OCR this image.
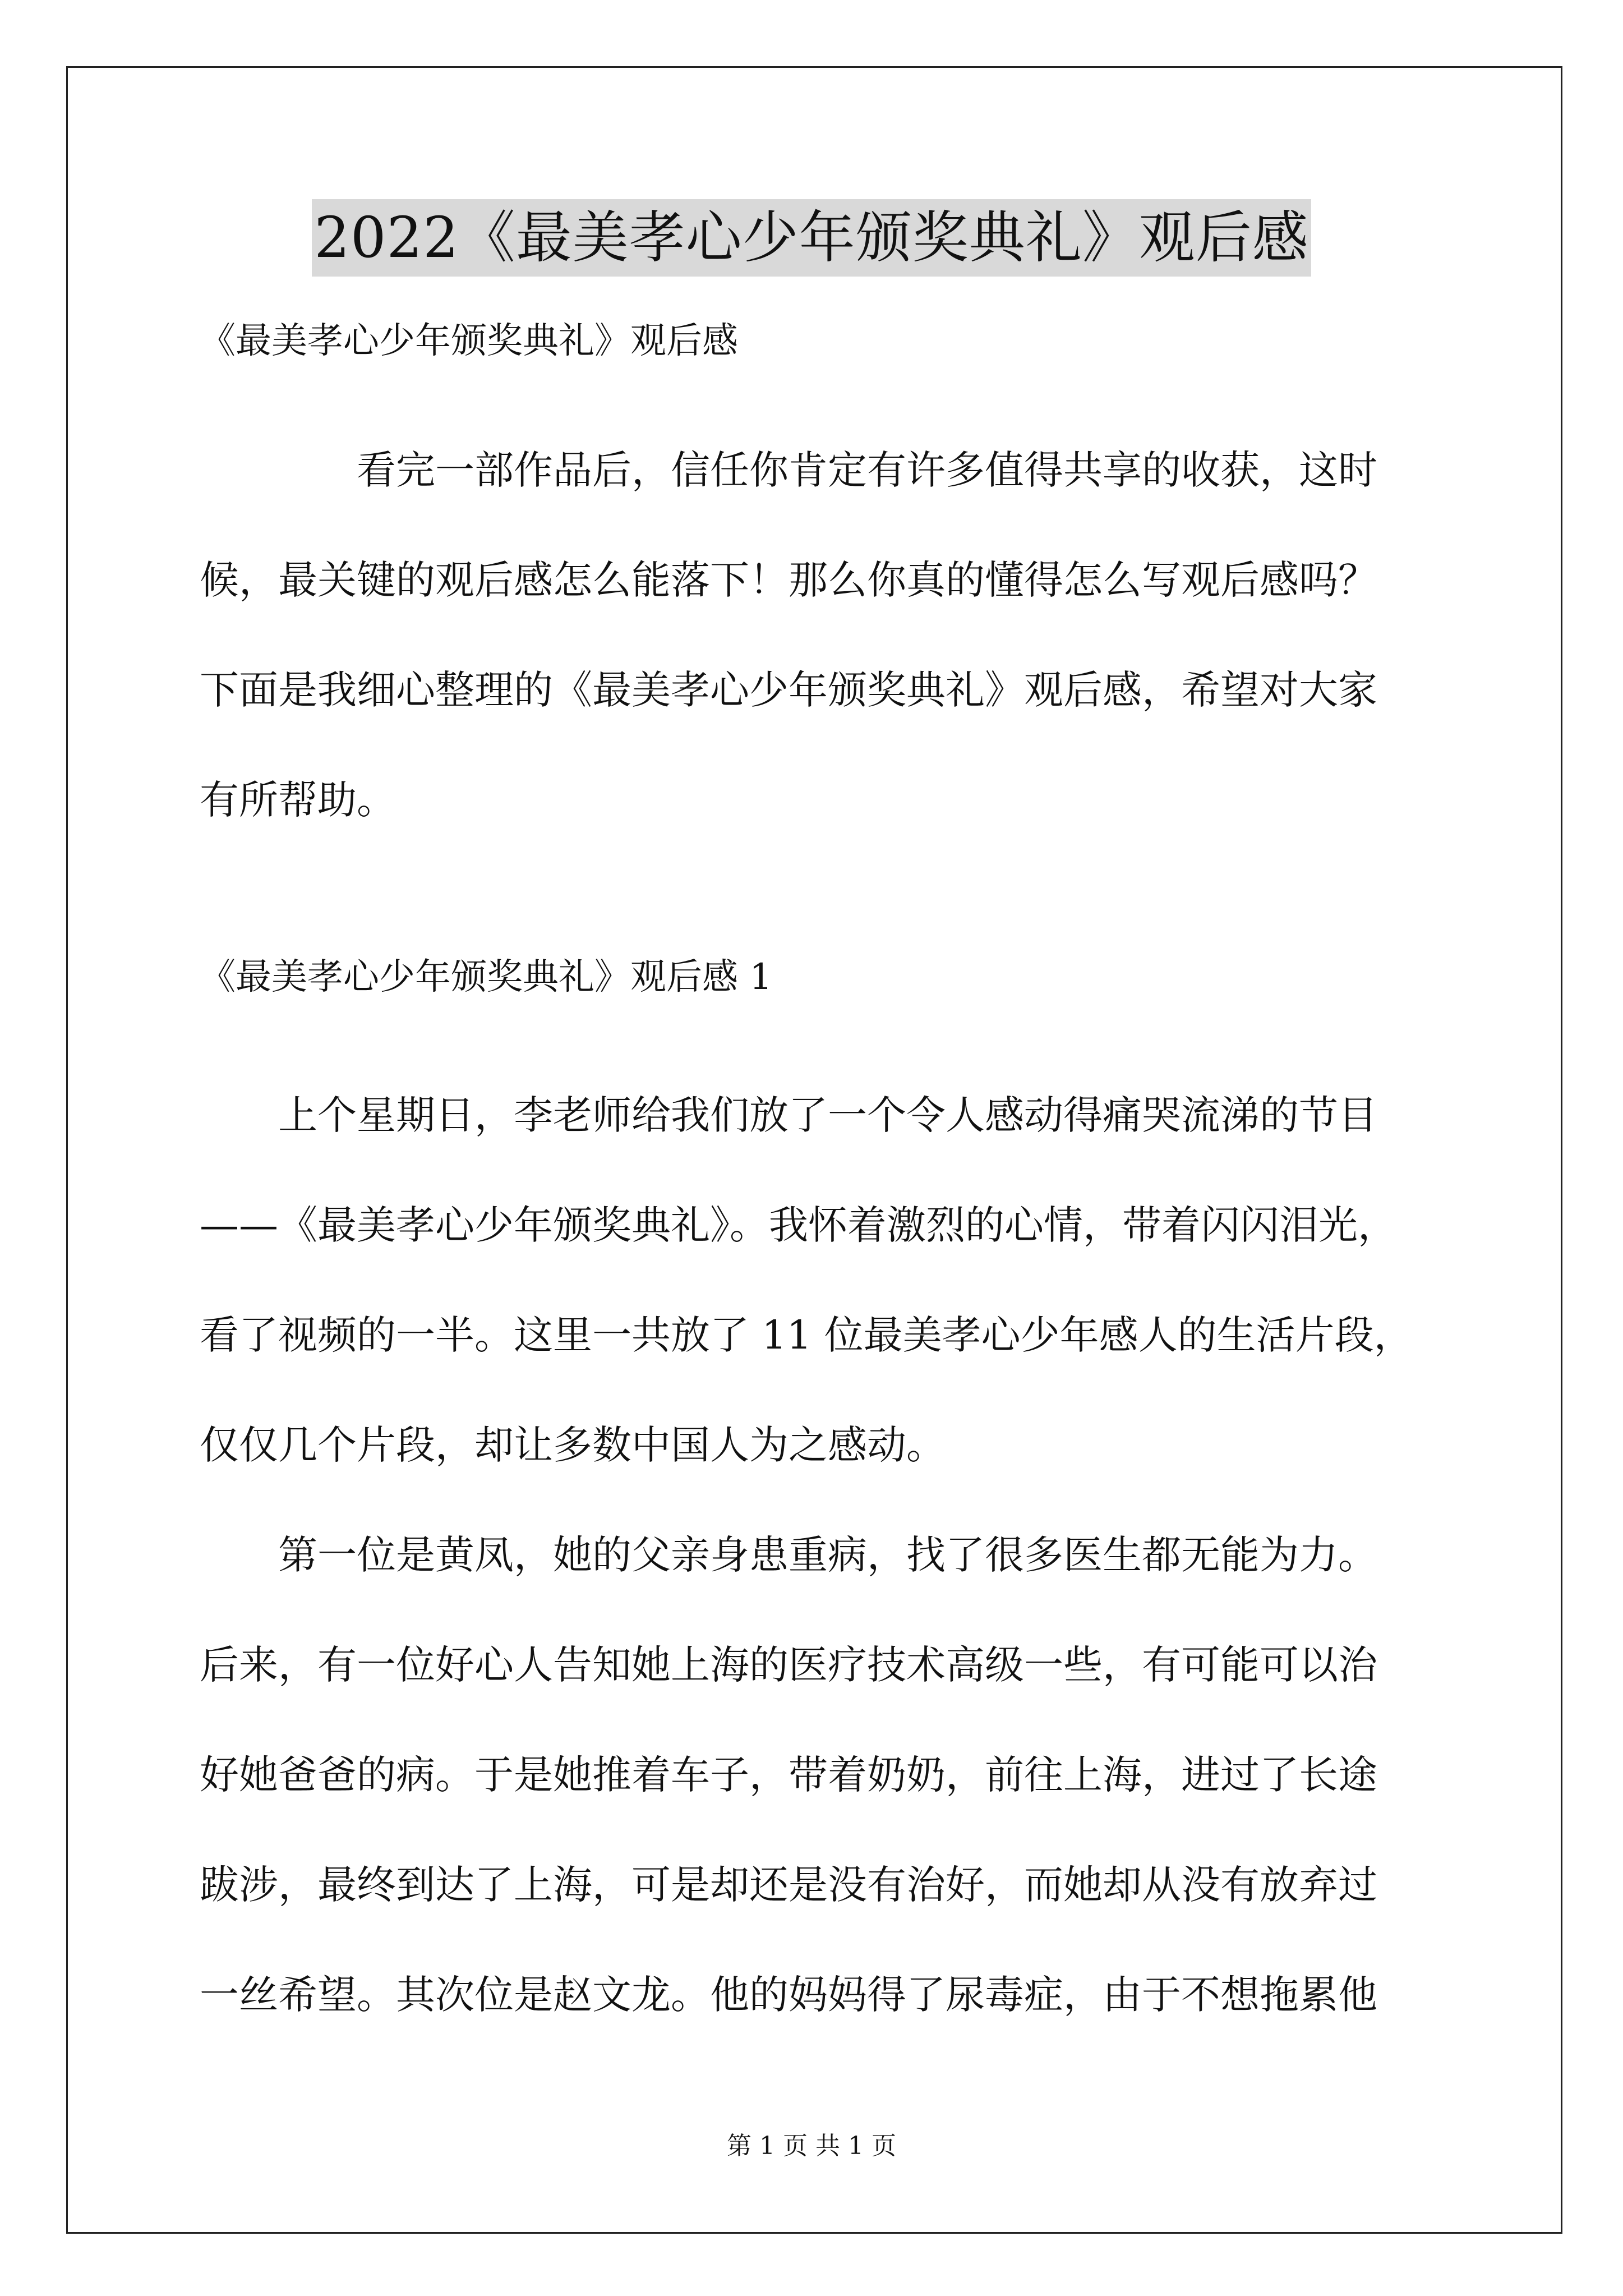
2022《最美孝心少年颁奖典礼》观后感
《最美孝心少年颁奖典礼》观后感

看完一部作品后，信任你肯定有许多值得共享的收获，这时
候，最关键的观后感怎么能落下！那么你真的懂得怎么写观后感吗？
下面是我细心整理的《最美孝心少年颁奖典礼》观后感，希望对大家
有所帮助。

《最美孝心少年颁奖典礼》观后感 1

上个星期日，李老师给我们放了一个令人感动得痛哭流涕的节目
——《最美孝心少年颁奖典礼》。我怀着激烈的心情，带着闪闪泪光，
看了视频的一半。这里一共放了 11 位最美孝心少年感人的生活片段，
仅仅几个片段，却让多数中国人为之感动。

第一位是黄凤，她的父亲身患重病，找了很多医生都无能为力。
后来，有一位好心人告知她上海的医疗技术高级一些，有可能可以治
好她爸爸的病。于是她推着车子，带着奶奶，前往上海，进过了长途
跋涉，最终到达了上海，可是却还是没有治好，而她却从没有放弃过
一丝希望。其次位是赵文龙。他的妈妈得了尿毒症，由于不想拖累他

第 1 页 共 1 页
